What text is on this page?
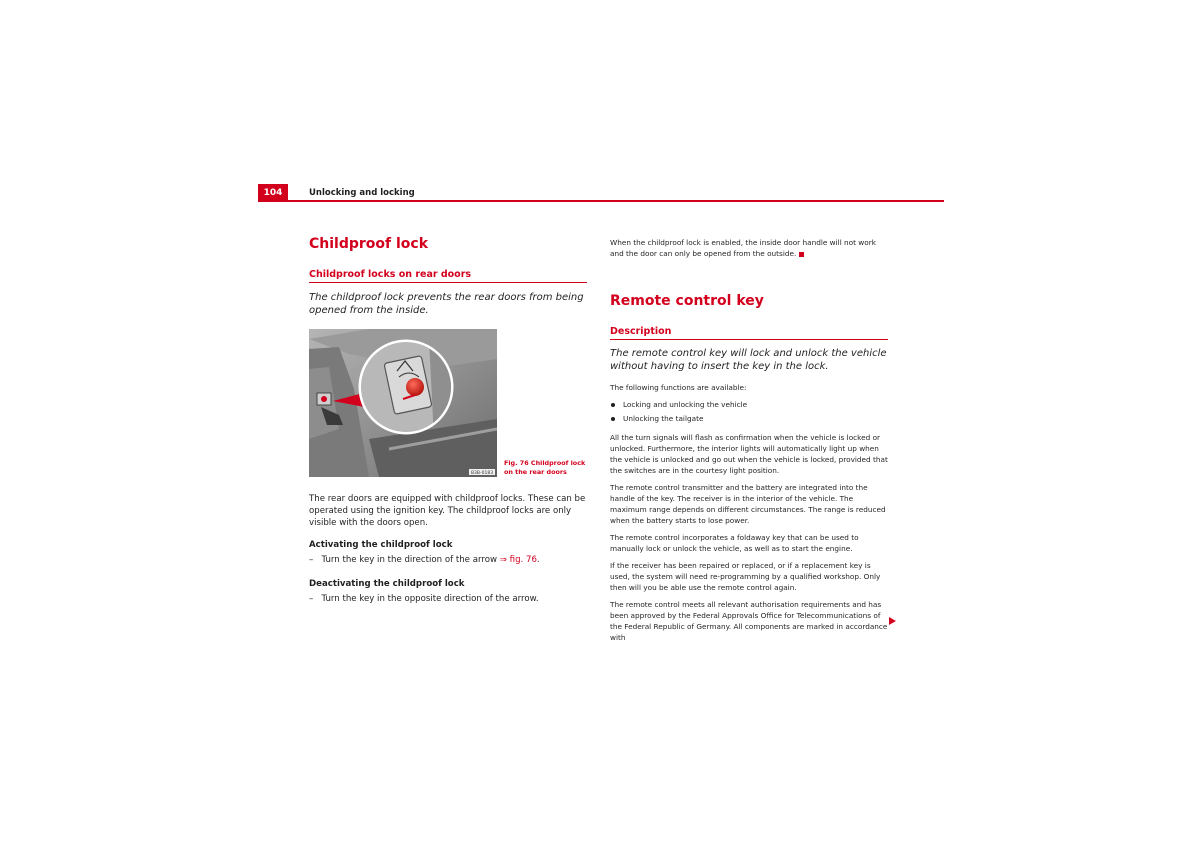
104	Unlocking and locking
Childproof lock
Childproof locks on rear doors

The childproof lock prevents the rear doors from being opened from the inside.

B3B-0183
Fig. 76 Childproof lock
on the rear doors

The rear doors are equipped with childproof locks. These can be operated using the ignition key. The childproof locks are only visible with the doors open.

Activating the childproof lock

– Turn the key in the direction of the arrow ⇒ fig. 76.

Deactivating the childproof lock

– Turn the key in the opposite direction of the arrow.

When the childproof lock is enabled, the inside door handle will not work and the door can only be opened from the outside.

Remote control key
Description

The remote control key will lock and unlock the vehicle without having to insert the key in the lock.

The following functions are available:

Locking and unlocking the vehicle
Unlocking the tailgate

All the turn signals will flash as confirmation when the vehicle is locked or unlocked. Furthermore, the interior lights will automatically light up when the vehicle is unlocked and go out when the vehicle is locked, provided that the switches are in the courtesy light position.

The remote control transmitter and the battery are integrated into the handle of the key. The receiver is in the interior of the vehicle. The maximum range depends on different circumstances. The range is reduced when the battery starts to lose power.

The remote control incorporates a foldaway key that can be used to manually lock or unlock the vehicle, as well as to start the engine.

If the receiver has been repaired or replaced, or if a replacement key is used, the system will need re-programming by a qualified workshop. Only then will you be able use the remote control again.

The remote control meets all relevant authorisation requirements and has been approved by the Federal Approvals Office for Telecommunications of the Federal Republic of Germany. All components are marked in accordance with
